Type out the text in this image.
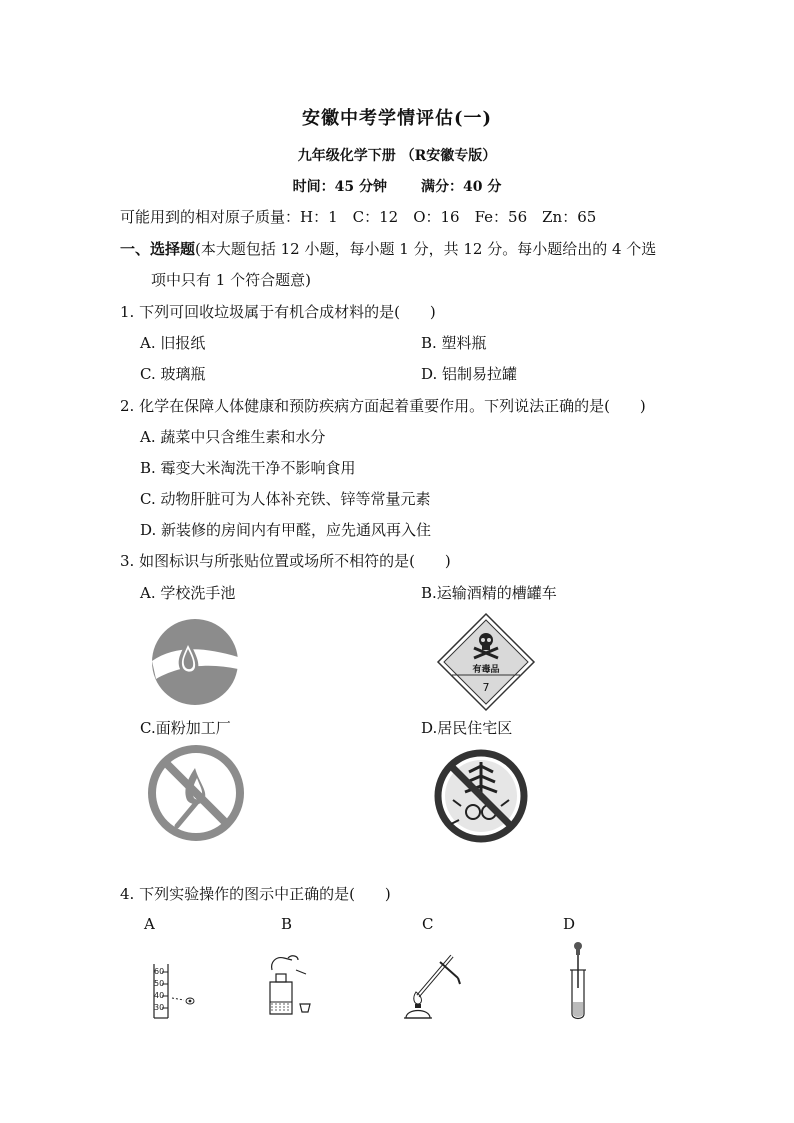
安徽中考学情评估(一)
九年级化学下册 （R安徽专版）
时间：45 分钟 满分：40 分
可能用到的相对原子质量：H：1　C：12　O：16　Fe：56　Zn：65
一、选择题(本大题包括 12 小题，每小题 1 分，共 12 分。每小题给出的 4 个选
项中只有 1 个符合题意)
1. 下列可回收垃圾属于有机合成材料的是(　　)
A. 旧报纸	B. 塑料瓶
C. 玻璃瓶	D. 铝制易拉罐
2. 化学在保障人体健康和预防疾病方面起着重要作用。下列说法正确的是(　　)
A. 蔬菜中只含维生素和水分
B. 霉变大米淘洗干净不影响食用
C. 动物肝脏可为人体补充铁、锌等常量元素
D. 新装修的房间内有甲醛，应先通风再入住
3. 如图标识与所张贴位置或场所不相符的是(　　)
A. 学校洗手池	B.运输酒精的槽罐车
有毒品
7
C.面粉加工厂	D.居民住宅区
4. 下列实验操作的图示中正确的是(　　)
A	B	C	D
60
50
40
30
